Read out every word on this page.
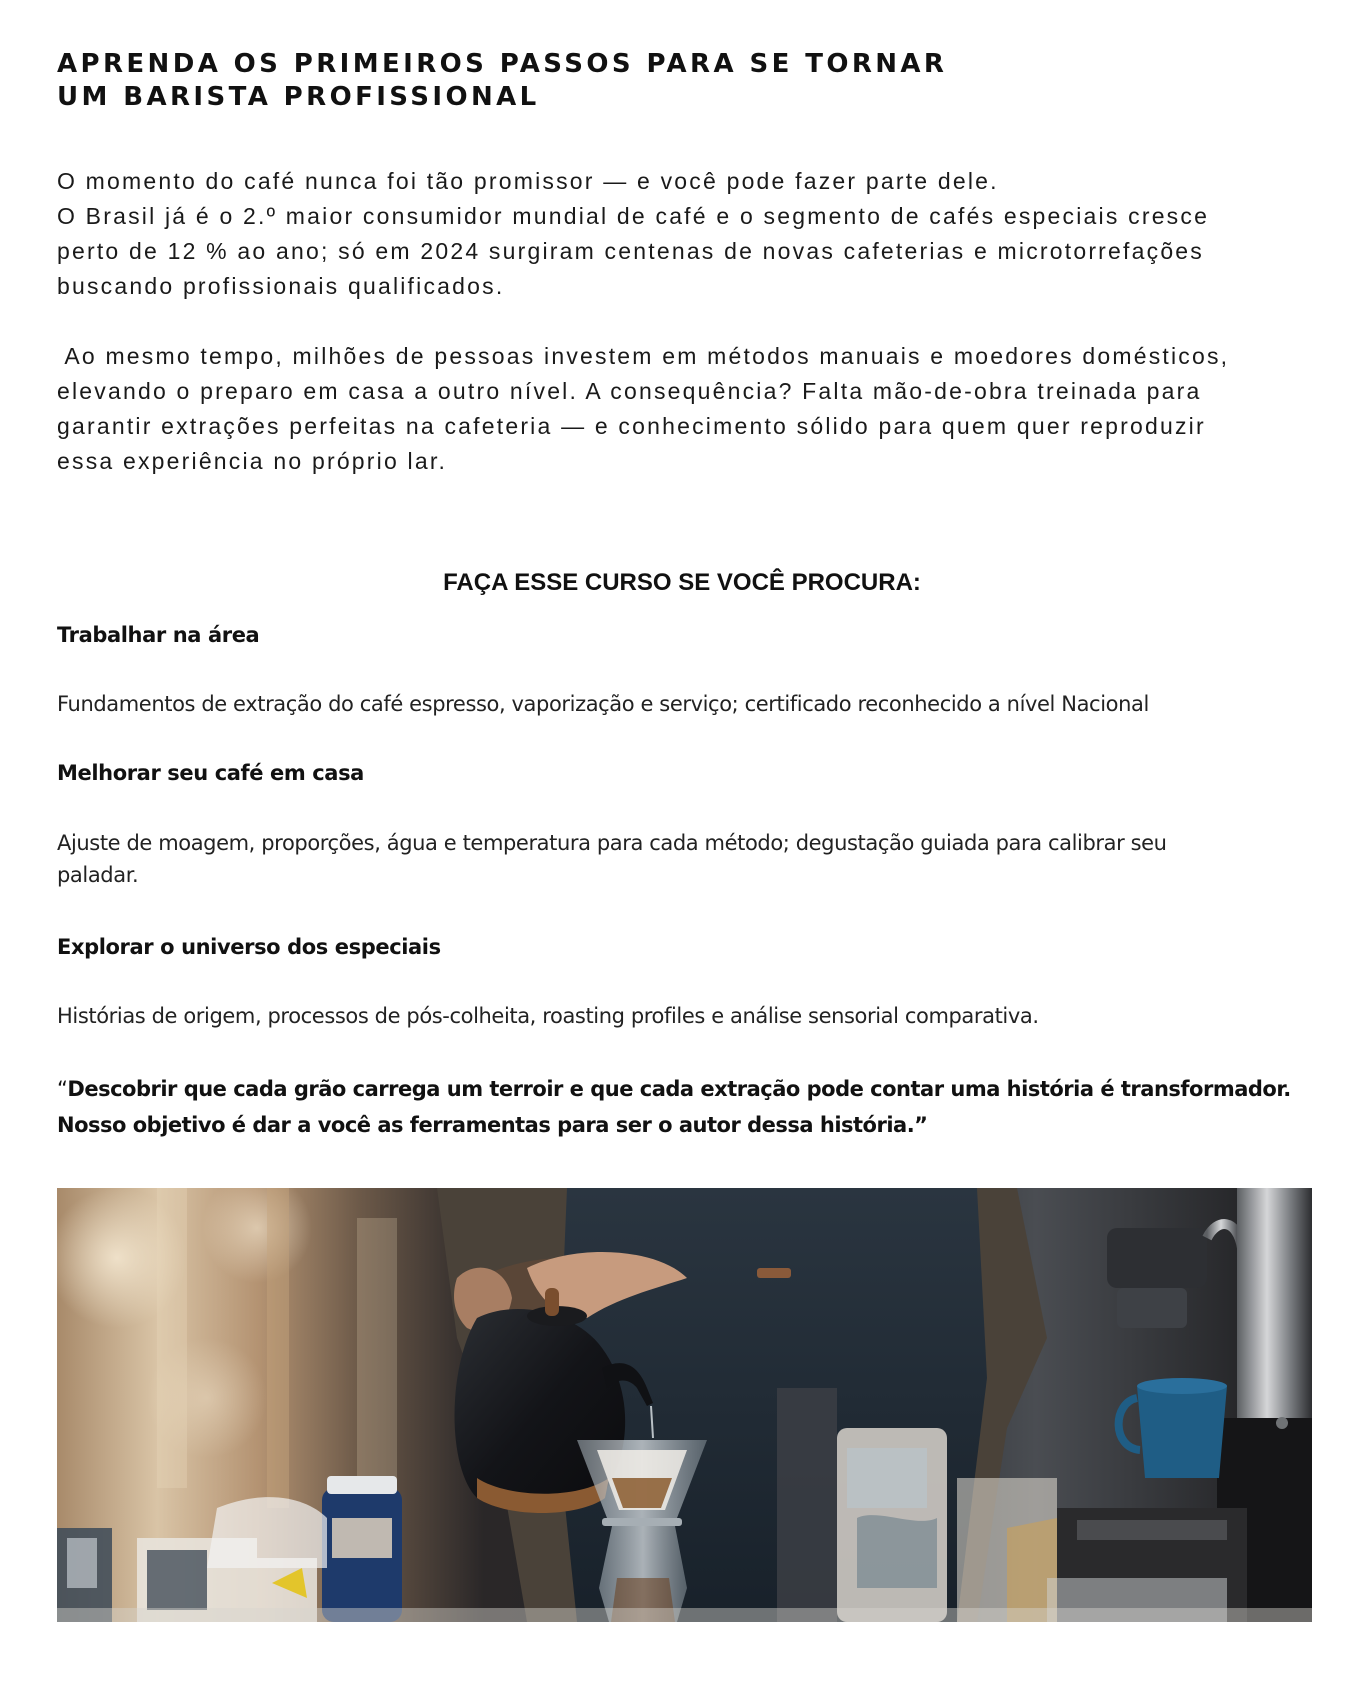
APRENDA OS PRIMEIROS PASSOS PARA SE TORNAR
UM BARISTA PROFISSIONAL
O momento do café nunca foi tão promissor — e você pode fazer parte dele.
O Brasil já é o 2.º maior consumidor mundial de café e o segmento de cafés especiais cresce
perto de 12 % ao ano; só em 2024 surgiram centenas de novas cafeterias e microtorrefações
buscando profissionais qualificados.
Ao mesmo tempo, milhões de pessoas investem em métodos manuais e moedores domésticos,
elevando o preparo em casa a outro nível. A consequência? Falta mão-de-obra treinada para
garantir extrações perfeitas na cafeteria — e conhecimento sólido para quem quer reproduzir
essa experiência no próprio lar.
FAÇA ESSE CURSO SE VOCÊ PROCURA:
Trabalhar na área

Fundamentos de extração do café espresso, vaporização e serviço; certificado reconhecido a nível Nacional

Melhorar seu café em casa

Ajuste de moagem, proporções, água e temperatura para cada método; degustação guiada para calibrar seu
paladar.

Explorar o universo dos especiais

Histórias de origem, processos de pós-colheita, roasting profiles e análise sensorial comparativa.

“Descobrir que cada grão carrega um terroir e que cada extração pode contar uma história é transformador.
Nosso objetivo é dar a você as ferramentas para ser o autor dessa história.”
